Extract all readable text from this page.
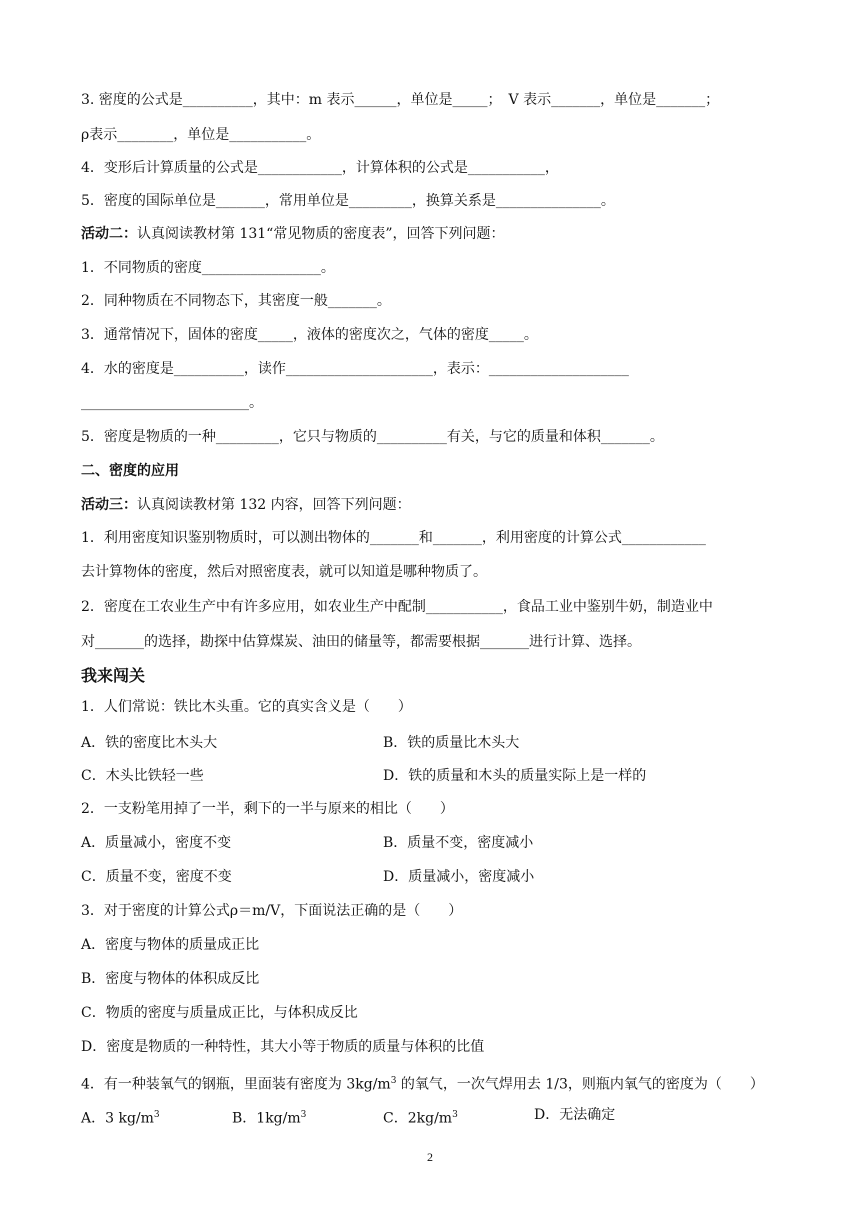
3. 密度的公式是__________，其中：m 表示______，单位是_____；　V 表示_______，单位是_______；
ρ表示________，单位是___________。
4．变形后计算质量的公式是____________，计算体积的公式是___________，
5．密度的国际单位是_______，常用单位是_________，换算关系是_______________。
活动二：认真阅读教材第 131“常见物质的密度表”，回答下列问题：
1．不同物质的密度_________________。
2．同种物质在不同物态下，其密度一般_______。
3．通常情况下，固体的密度_____，液体的密度次之，气体的密度_____。
4．水的密度是__________，读作_____________________，表示：____________________
________________________。
5．密度是物质的一种_________，它只与物质的__________有关，与它的质量和体积_______。
二、密度的应用
活动三：认真阅读教材第 132 内容，回答下列问题：
1．利用密度知识鉴别物质时，可以测出物体的_______和_______，利用密度的计算公式____________
去计算物体的密度，然后对照密度表，就可以知道是哪种物质了。
2．密度在工农业生产中有许多应用，如农业生产中配制___________，食品工业中鉴别牛奶，制造业中
对_______的选择，勘探中估算煤炭、油田的储量等，都需要根据_______进行计算、选择。
我来闯关
1．人们常说：铁比木头重。它的真实含义是（　　）
A．铁的密度比木头大	B．铁的质量比木头大
C．木头比铁轻一些	D．铁的质量和木头的质量实际上是一样的
2．一支粉笔用掉了一半，剩下的一半与原来的相比（　　）
A．质量减小，密度不变	B．质量不变，密度减小
C．质量不变，密度不变	D．质量减小，密度减小
3．对于密度的计算公式ρ＝m/V，下面说法正确的是（　　）
A．密度与物体的质量成正比
B．密度与物体的体积成反比
C．物质的密度与质量成正比，与体积成反比
D．密度是物质的一种特性，其大小等于物质的质量与体积的比值
4．有一种装氧气的钢瓶，里面装有密度为 $3kg/m^3$ 的氧气，一次气焊用去 1/3，则瓶内氧气的密度为（　　）
A．3 $kg/m^3$	B．$1kg/m^3$	C．$2kg/m^3$	D．无法确定
2
